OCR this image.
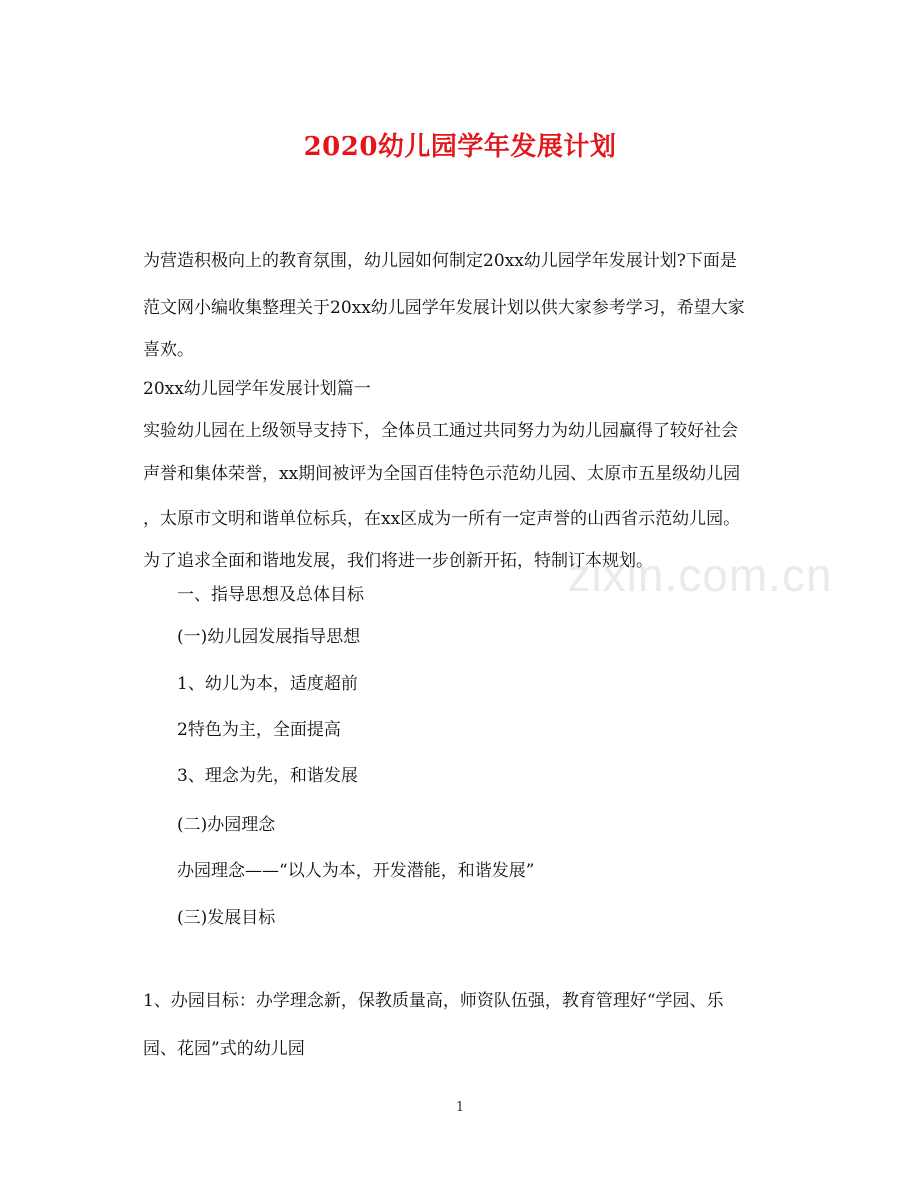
2020幼儿园学年发展计划
为营造积极向上的教育氛围，幼儿园如何制定20xx幼儿园学年发展计划?下面是
范文网小编收集整理关于20xx幼儿园学年发展计划以供大家参考学习，希望大家
喜欢。
20xx幼儿园学年发展计划篇一
实验幼儿园在上级领导支持下，全体员工通过共同努力为幼儿园赢得了较好社会
声誉和集体荣誉，xx期间被评为全国百佳特色示范幼儿园、太原市五星级幼儿园
，太原市文明和谐单位标兵，在xx区成为一所有一定声誉的山西省示范幼儿园。
为了追求全面和谐地发展，我们将进一步创新开拓，特制订本规划。
一、指导思想及总体目标
(一)幼儿园发展指导思想
1、幼儿为本，适度超前
2特色为主，全面提高
3、理念为先，和谐发展
(二)办园理念
办园理念——“以人为本，开发潜能，和谐发展”
(三)发展目标
1、办园目标：办学理念新，保教质量高，师资队伍强，教育管理好“学园、乐
园、花园”式的幼儿园
zixin.com.cn
1
